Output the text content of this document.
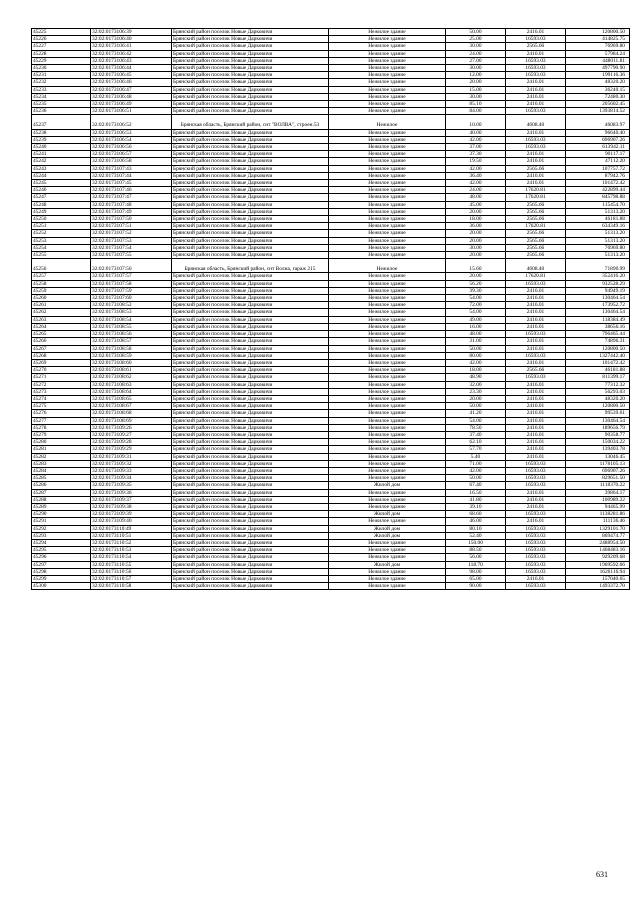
45225	32:02:0173106:39	Брянский район поселок Новые Дарковичи	Нежилое здание	50.00	2416.01	120800.50
45226	32:02:0173106:40	Брянский район поселок Новые Дарковичи	Нежилое здание	25.00	16593.03	414825.75
45227	32:02:0173106:41	Брянский район поселок Новые Дарковичи	Нежилое здание	30.00	2565.66	76969.80
45228	32:02:0173106:42	Брянский район поселок Новые Дарковичи	Нежилое здание	24.00	2416.01	57984.24
45229	32:02:0173106:43	Брянский район поселок Новые Дарковичи	Нежилое здание	27.00	16593.03	448011.81
45230	32:02:0173106:44	Брянский район поселок Новые Дарковичи	Нежилое здание	30.00	16593.03	497790.90
45231	32:02:0173106:45	Брянский район поселок Новые Дарковичи	Нежилое здание	12.00	16593.03	199116.36
45232	32:02:0173106:46	Брянский район поселок Новые Дарковичи	Нежилое здание	20.00	2416.01	48320.20
45233	32:02:0173106:47	Брянский район поселок Новые Дарковичи	Нежилое здание	15.00	2416.01	36240.15
45234	32:02:0173106:48	Брянский район поселок Новые Дарковичи	Нежилое здание	30.00	2416.01	72480.30
45235	32:02:0173106:49	Брянский район поселок Новые Дарковичи	Нежилое здание	85.10	2416.01	205602.45
45236	32:02:0173106:51	Брянский район поселок Новые Дарковичи	Нежилое здание	84.00	16593.03	1393814.52
45237	32:02:0173106:52	Брянская область, Брянский район, снт "ВОЛВА", строен.53	Нежилое	10.00	4608.40	46083.97
45238	32:02:0173106:53	Брянский район поселок Новые Дарковичи	Нежилое здание	40.00	2416.01	96640.40
45239	32:02:0173106:54	Брянский район поселок Новые Дарковичи	Нежилое здание	42.00	16593.03	696907.26
45240	32:02:0173106:56	Брянский район поселок Новые Дарковичи	Нежилое здание	37.00	16593.03	613942.11
45241	32:02:0173106:57	Брянский район поселок Новые Дарковичи	Нежилое здание	37.30	2416.01	90117.17
45242	32:02:0173106:58	Брянский район поселок Новые Дарковичи	Нежилое здание	19.50	2416.01	47112.20
45243	32:02:0173107:43	Брянский район поселок Новые Дарковичи	Нежилое здание	42.00	2565.66	107757.72
45244	32:02:0173107:44	Брянский район поселок Новые Дарковичи	Нежилое здание	36.40	2416.01	87942.76
45245	32:02:0173107:45	Брянский район поселок Новые Дарковичи	Нежилое здание	42.00	2416.01	101472.42
45246	32:02:0173107:46	Брянский район поселок Новые Дарковичи	Нежилое здание	24.00	17620.81	422899.44
45247	32:02:0173107:47	Брянский район поселок Новые Дарковичи	Нежилое здание	48.00	17620.81	845798.88
45248	32:02:0173107:48	Брянский район поселок Новые Дарковичи	Нежилое здание	45.00	2565.66	115454.70
45249	32:02:0173107:49	Брянский район поселок Новые Дарковичи	Нежилое здание	20.00	2565.66	51313.20
45250	32:02:0173107:50	Брянский район поселок Новые Дарковичи	Нежилое здание	18.00	2565.66	46181.88
45251	32:02:0173107:51	Брянский район поселок Новые Дарковичи	Нежилое здание	36.00	17620.81	634349.16
45252	32:02:0173107:52	Брянский район поселок Новые Дарковичи	Нежилое здание	20.00	2565.66	51313.20
45253	32:02:0173107:53	Брянский район поселок Новые Дарковичи	Нежилое здание	20.00	2565.66	51313.20
45254	32:02:0173107:54	Брянский район поселок Новые Дарковичи	Нежилое здание	30.00	2565.66	76969.80
45255	32:02:0173107:55	Брянский район поселок Новые Дарковичи	Нежилое здание	20.00	2565.66	51313.20
45256	32:02:0173107:56	Брянская область, Брянский район, снт Волна, гараж 215	Нежилое	15.60	4608.40	71890.99
45257	32:02:0173107:57	Брянский район поселок Новые Дарковичи	Нежилое здание	20.00	17620.81	352416.20
45258	32:02:0173107:58	Брянский район поселок Новые Дарковичи	Нежилое здание	56.20	16593.03	932528.29
45259	32:02:0173107:59	Брянский район поселок Новые Дарковичи	Нежилое здание	39.30	2416.01	94949.19
45260	32:02:0173107:60	Брянский район поселок Новые Дарковичи	Нежилое здание	54.00	2416.01	130464.54
45261	32:02:0173108:52	Брянский район поселок Новые Дарковичи	Нежилое здание	72.00	2416.01	173952.72
45262	32:02:0173108:53	Брянский район поселок Новые Дарковичи	Нежилое здание	54.00	2416.01	130464.54
45263	32:02:0173108:54	Брянский район поселок Новые Дарковичи	Нежилое здание	49.00	2416.01	118384.49
45264	32:02:0173108:55	Брянский район поселок Новые Дарковичи	Нежилое здание	16.00	2416.01	38656.16
45265	32:02:0173108:56	Брянский район поселок Новые Дарковичи	Нежилое здание	48.00	16593.03	796465.44
45266	32:02:0173108:57	Брянский район поселок Новые Дарковичи	Нежилое здание	31.00	2416.01	74896.31
45267	32:02:0173108:58	Брянский район поселок Новые Дарковичи	Нежилое здание	50.00	2416.01	120800.50
45268	32:02:0173108:59	Брянский район поселок Новые Дарковичи	Нежилое здание	80.00	16593.03	1327442.40
45269	32:02:0173108:60	Брянский район поселок Новые Дарковичи	Нежилое здание	42.00	2416.01	101472.42
45270	32:02:0173108:61	Брянский район поселок Новые Дарковичи	Нежилое здание	18.00	2565.66	46181.88
45271	32:02:0173108:62	Брянский район поселок Новые Дарковичи	Нежилое здание	48.90	16593.03	811399.17
45272	32:02:0173108:63	Брянский район поселок Новые Дарковичи	Нежилое здание	32.00	2416.01	77312.32
45273	32:02:0173108:64	Брянский район поселок Новые Дарковичи	Нежилое здание	23.30	2416.01	56293.03
45274	32:02:0173108:65	Брянский район поселок Новые Дарковичи	Нежилое здание	20.00	2416.01	48320.20
45275	32:02:0173108:67	Брянский район поселок Новые Дарковичи	Нежилое здание	50.00	2416.01	120800.50
45276	32:02:0173108:68	Брянский район поселок Новые Дарковичи	Нежилое здание	41.20	2416.01	99539.61
45277	32:02:0173108:69	Брянский район поселок Новые Дарковичи	Нежилое здание	54.00	2416.01	130464.54
45278	32:02:0173109:26	Брянский район поселок Новые Дарковичи	Нежилое здание	78.50	2416.01	189656.79
45279	32:02:0173109:27	Брянский район поселок Новые Дарковичи	Нежилое здание	37.40	2416.01	90358.77
45280	32:02:0173109:28	Брянский район поселок Новые Дарковичи	Нежилое здание	62.10	2416.01	150034.22
45281	32:02:0173109:29	Брянский район поселок Новые Дарковичи	Нежилое здание	57.70	2416.01	139403.78
45282	32:02:0173109:31	Брянский район поселок Новые Дарковичи	Нежилое здание	5.40	2416.01	13046.45
45283	32:02:0173109:32	Брянский район поселок Новые Дарковичи	Нежилое здание	71.00	16593.03	1178105.13
45284	32:02:0173109:33	Брянский район поселок Новые Дарковичи	Нежилое здание	42.00	16593.03	696907.26
45285	32:02:0173109:34	Брянский район поселок Новые Дарковичи	Нежилое здание	50.00	16593.03	829651.50
45286	32:02:0173109:35	Брянский район поселок Новые Дарковичи	Жилой дом	67.40	16593.03	1118370.22
45287	32:02:0173109:36	Брянский район поселок Новые Дарковичи	Нежилое здание	16.50	2416.01	39864.17
45288	32:02:0173109:37	Брянский район поселок Новые Дарковичи	Нежилое здание	41.80	2416.01	100989.22
45289	32:02:0173109:38	Брянский район поселок Новые Дарковичи	Нежилое здание	39.10	2416.01	94465.99
45290	32:02:0173109:39	Брянский район поселок Новые Дарковичи	Жилой дом	68.60	16593.03	1138281.86
45291	32:02:0173109:40	Брянский район поселок Новые Дарковичи	Нежилое здание	46.00	2416.01	111136.46
45292	32:02:0173110:49	Брянский район поселок Новые Дарковичи	Жилой дом	80.10	16593.03	1329101.70
45293	32:02:0173110:51	Брянский район поселок Новые Дарковичи	Жилой дом	52.40	16593.03	869474.77
45294	32:02:0173110:52	Брянский район поселок Новые Дарковичи	Нежилое здание	150.00	16593.03	2488954.50
45295	32:02:0173110:53	Брянский район поселок Новые Дарковичи	Нежилое здание	88.50	16593.03	1468483.16
45296	32:02:0173110:54	Брянский район поселок Новые Дарковичи	Нежилое здание	56.00	16593.03	929209.68
45297	32:02:0173110:55	Брянский район поселок Новые Дарковичи	Жилой дом	118.70	16593.03	1969592.66
45298	32:02:0173110:56	Брянский район поселок Новые Дарковичи	Нежилое здание	98.00	16593.03	1626116.94
45299	32:02:0173110:57	Брянский район поселок Новые Дарковичи	Нежилое здание	65.00	2416.01	157040.65
45300	32:02:0173110:58	Брянский район поселок Новые Дарковичи	Нежилое здание	90.00	16593.03	1493372.70
631
